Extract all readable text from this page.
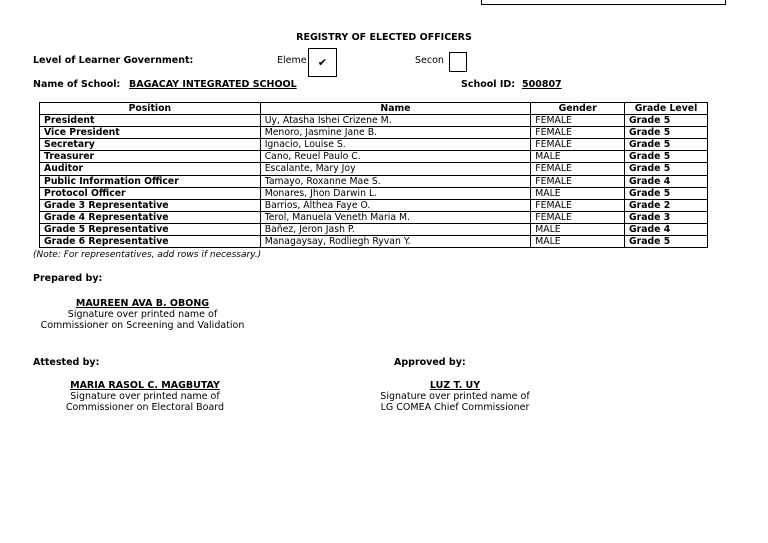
REGISTRY OF ELECTED OFFICERS
Level of Learner Government:	Eleme ✔	Secon
Name of School: BAGACAY INTEGRATED SCHOOL	School ID: 500807
Position	Name	Gender	Grade Level
President	Uy, Atasha Ishei Crizene M.	FEMALE	Grade 5
Vice President	Menoro, Jasmine Jane B.	FEMALE	Grade 5
Secretary	Ignacio, Louise S.	FEMALE	Grade 5
Treasurer	Cano, Reuel Paulo C.	MALE	Grade 5
Auditor	Escalante, Mary Joy	FEMALE	Grade 5
Public Information Officer	Tamayo, Roxanne Mae S.	FEMALE	Grade 4
Protocol Officer	Monares, Jhon Darwin L.	MALE	Grade 5
Grade 3 Representative	Barrios, Althea Faye O.	FEMALE	Grade 2
Grade 4 Representative	Terol, Manuela Veneth Maria M.	FEMALE	Grade 3
Grade 5 Representative	Bañez, Jeron Jash P.	MALE	Grade 4
Grade 6 Representative	Managaysay, Rodliegh Ryvan Y.	MALE	Grade 5
(Note: For representatives, add rows if necessary.)
Prepared by:
MAUREEN AVA B. OBONG
Signature over printed name of
Commissioner on Screening and Validation
Attested by:
MARIA RASOL C. MAGBUTAY
Signature over printed name of
Commissioner on Electoral Board
Approved by:
LUZ T. UY
Signature over printed name of
LG COMEA Chief Commissioner
